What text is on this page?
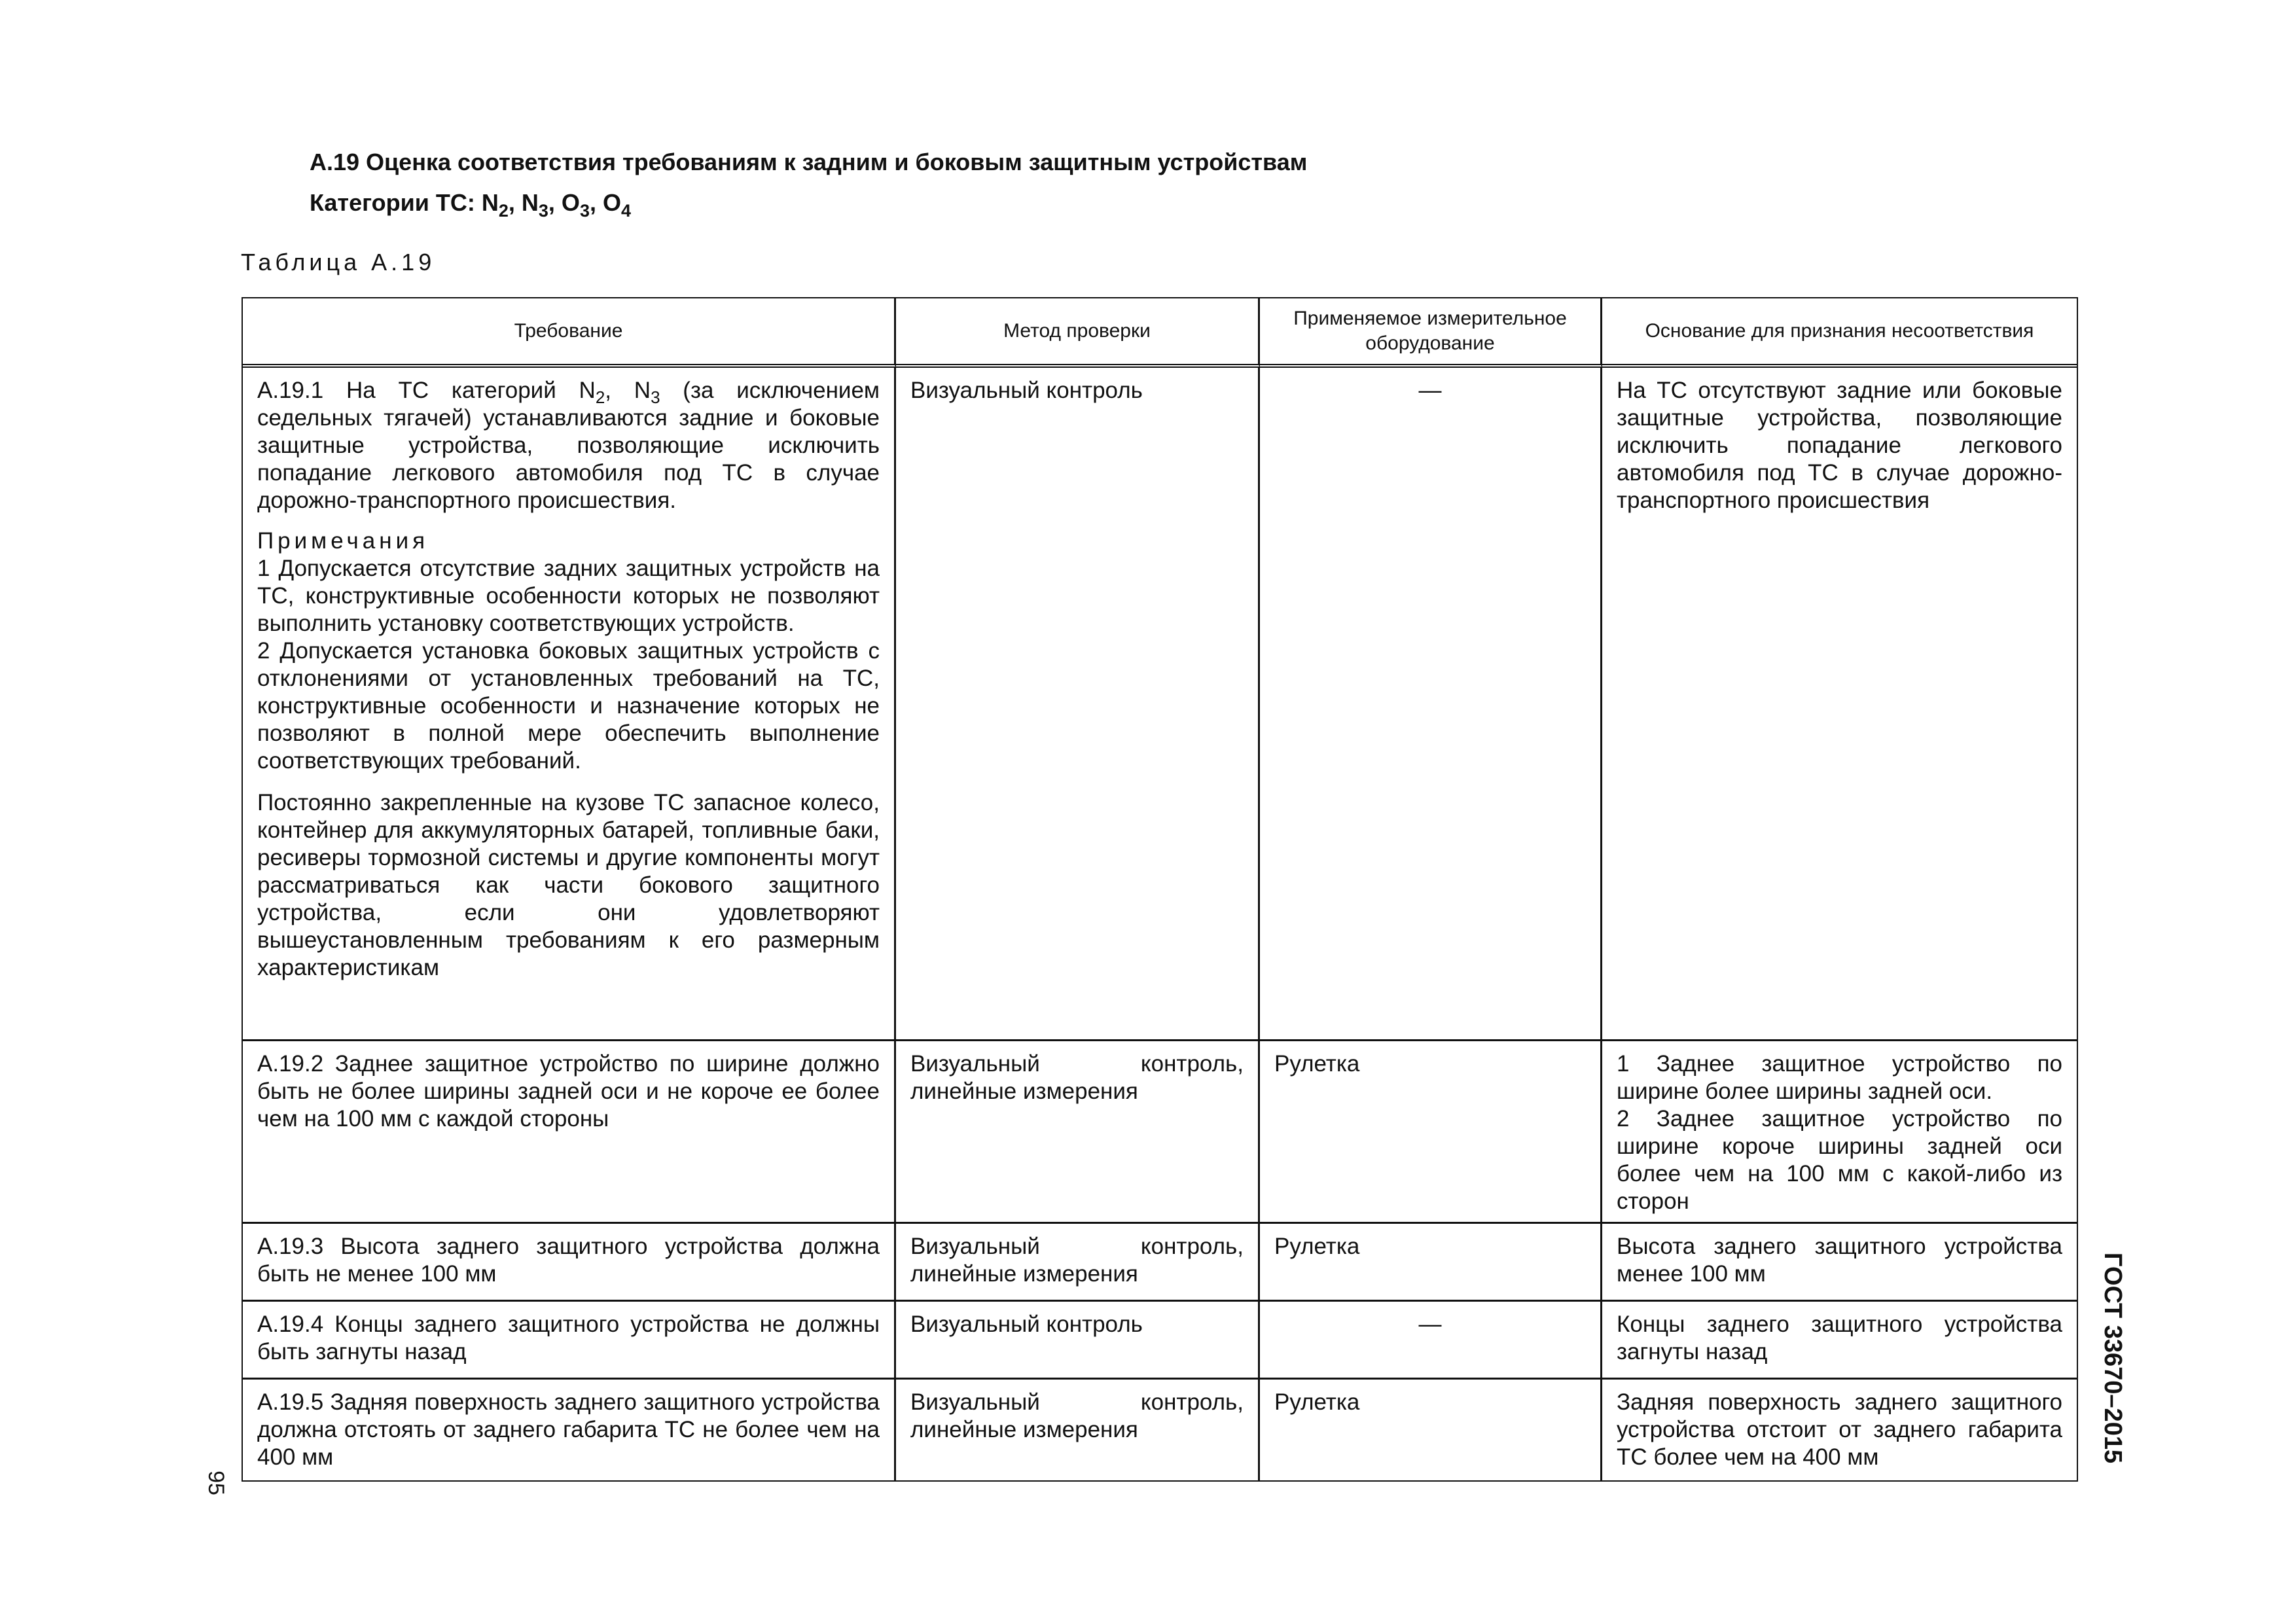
А.19 Оценка соответствия требованиям к задним и боковым защитным устройствам
Категории ТС: $N_2$, $N_3$, $O_3$, $O_4$

Таблица А.19

Требование	Метод проверки	Применяемое измерительное оборудование	Основание для признания несоответствия

А.19.1 На ТС категорий $N_2$, $N_3$ (за исключением седельных тягачей) устанавливаются задние и боковые защитные устройства, позволяющие исключить попадание легкового автомобиля под ТС в случае дорожно-транспортного происшествия.

Примечания

1 Допускается отсутствие задних защитных устройств на ТС, конструктивные особенности которых не позволяют выполнить установку соответствующих устройств.

2 Допускается установка боковых защитных устройств с отклонениями от установленных требований на ТС, конструктивные особенности и назначение которых не позволяют в полной мере обеспечить выполнение соответствующих требований.

Постоянно закрепленные на кузове ТС запасное колесо, контейнер для аккумуляторных батарей, топливные баки, ресиверы тормозной системы и другие компоненты могут рассматриваться как части бокового защитного устройства, если они удовлетворяют вышеустановленным требованиям к его размерным характеристикам	Визуальный контроль	—	На ТС отсутствуют задние или боковые защитные устройства, позволяющие исключить попадание легкового автомобиля под ТС в случае дорожно-транспортного происшествия
А.19.2 Заднее защитное устройство по ширине должно быть не более ширины задней оси и не короче ее более чем на 100 мм с каждой стороны	Визуальный контроль, линейные измерения	Рулетка	1 Заднее защитное устройство по ширине более ширины задней оси.

2 Заднее защитное устройство по ширине короче ширины задней оси более чем на 100 мм с какой-либо из сторон

А.19.3 Высота заднего защитного устройства должна быть не менее 100 мм	Визуальный контроль, линейные измерения	Рулетка	Высота заднего защитного устройства менее 100 мм
А.19.4 Концы заднего защитного устройства не должны быть загнуты назад	Визуальный контроль	—	Концы заднего защитного устройства загнуты назад
А.19.5 Задняя поверхность заднего защитного устройства должна отстоять от заднего габарита ТС не более чем на 400 мм	Визуальный контроль, линейные измерения	Рулетка	Задняя поверхность заднего защитного устройства отстоит от заднего габарита ТС более чем на 400 мм
95
ГОСТ 33670–2015
